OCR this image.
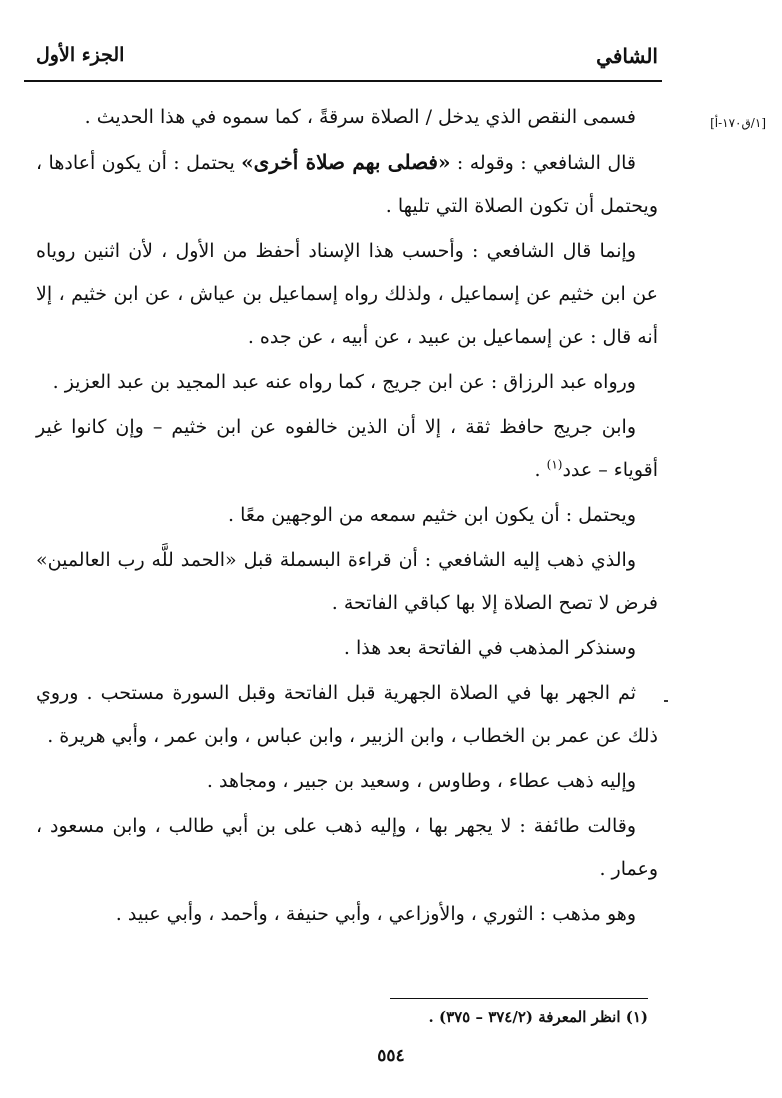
الشافي
الجزء الأول
[١/ق١٧٠-أ]

فسمى النقص الذي يدخل / الصلاة سرقةً ، كما سموه في هذا الحديث .

قال الشافعي : وقوله : «فصلى بهم صلاة أخرى» يحتمل : أن يكون أعادها ، ويحتمل أن تكون الصلاة التي تليها .

وإنما قال الشافعي : وأحسب هذا الإسناد أحفظ من الأول ، لأن اثنين روياه عن ابن خثيم عن إسماعيل ، ولذلك رواه إسماعيل بن عياش ، عن ابن خثيم ، إلا أنه قال : عن إسماعيل بن عبيد ، عن أبيه ، عن جده .

ورواه عبد الرزاق : عن ابن جريج ، كما رواه عنه عبد المجيد بن عبد العزيز .

وابن جريج حافظ ثقة ، إلا أن الذين خالفوه عن ابن خثيم – وإن كانوا غير أقوياء – عدد$^{(١)}$ .

ويحتمل : أن يكون ابن خثيم سمعه من الوجهين معًا .

والذي ذهب إليه الشافعي : أن قراءة البسملة قبل «الحمد للَّه رب العالمين» فرض لا تصح الصلاة إلا بها كباقي الفاتحة .

وسنذكر المذهب في الفاتحة بعد هذا .

ثم الجهر بها في الصلاة الجهرية قبل الفاتحة وقبل السورة مستحب . وروي ذلك عن عمر بن الخطاب ، وابن الزبير ، وابن عباس ، وابن عمر ، وأبي هريرة .

وإليه ذهب عطاء ، وطاوس ، وسعيد بن جبير ، ومجاهد .

وقالت طائفة : لا يجهر بها ، وإليه ذهب على بن أبي طالب ، وابن مسعود ، وعمار .

وهو مذهب : الثوري ، والأوزاعي ، وأبي حنيفة ، وأحمد ، وأبي عبيد .

(١) انظر المعرفة (٣٧٤/٢ – ٣٧٥) .
٥٥٤
